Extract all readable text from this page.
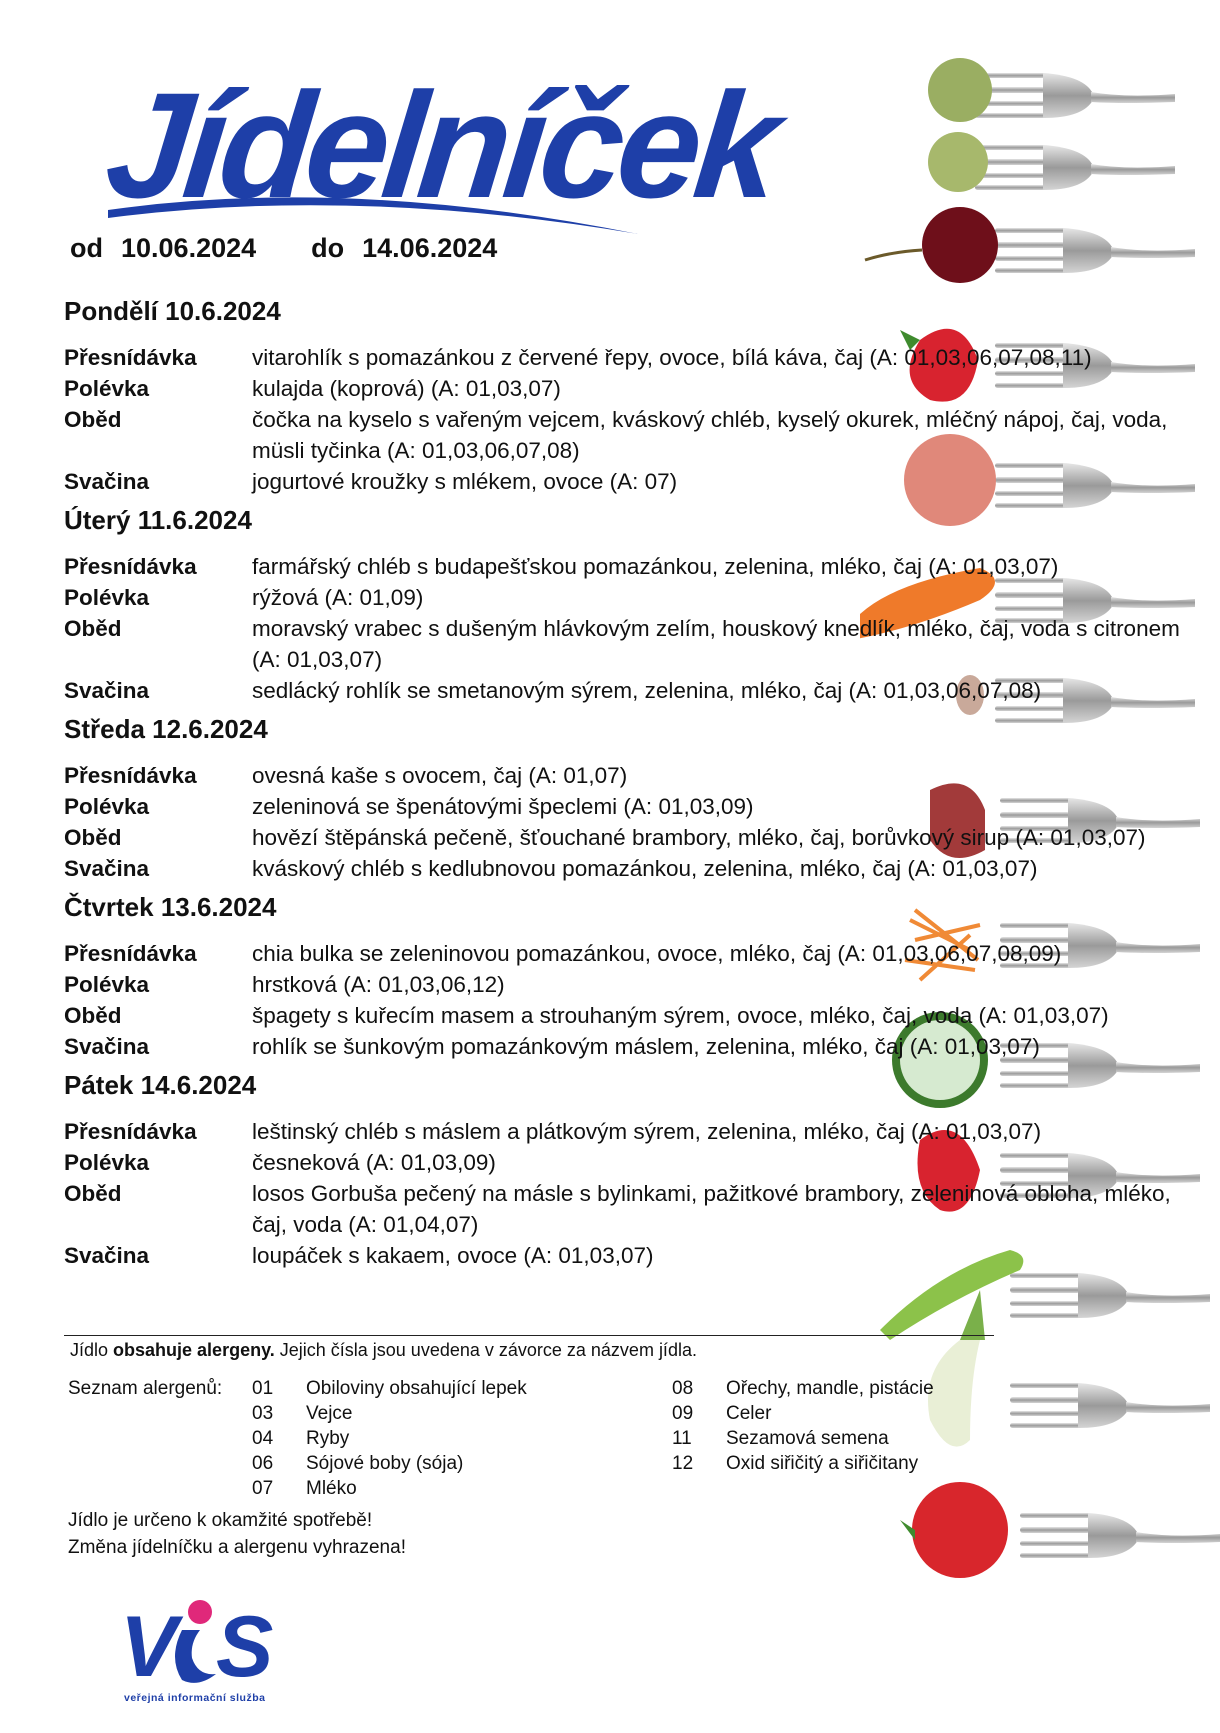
Jídelníček
od 10.06.2024 do 14.06.2024
Pondělí 10.6.2024
Přesnídávka	vitarohlík s pomazánkou z červené řepy, ovoce, bílá káva, čaj (A: 01,03,06,07,08,11)
Polévka	kulajda (koprová) (A: 01,03,07)
Oběd	čočka na kyselo s vařeným vejcem, kváskový chléb, kyselý okurek, mléčný nápoj, čaj, voda, müsli tyčinka (A: 01,03,06,07,08)
Svačina	jogurtové kroužky s mlékem, ovoce (A: 07)
Úterý 11.6.2024
Přesnídávka	farmářský chléb s budapešťskou pomazánkou, zelenina, mléko, čaj (A: 01,03,07)
Polévka	rýžová (A: 01,09)
Oběd	moravský vrabec s dušeným hlávkovým zelím, houskový knedlík, mléko, čaj, voda s citronem (A: 01,03,07)
Svačina	sedlácký rohlík se smetanovým sýrem, zelenina, mléko, čaj (A: 01,03,06,07,08)
Středa 12.6.2024
Přesnídávka	ovesná kaše s ovocem, čaj (A: 01,07)
Polévka	zeleninová se špenátovými špeclemi (A: 01,03,09)
Oběd	hovězí štěpánská pečeně, šťouchané brambory, mléko, čaj, borůvkový sirup (A: 01,03,07)
Svačina	kváskový chléb s kedlubnovou pomazánkou, zelenina, mléko, čaj (A: 01,03,07)
Čtvrtek 13.6.2024
Přesnídávka	chia bulka se zeleninovou pomazánkou, ovoce, mléko, čaj (A: 01,03,06,07,08,09)
Polévka	hrstková (A: 01,03,06,12)
Oběd	špagety s kuřecím masem a strouhaným sýrem, ovoce, mléko, čaj, voda (A: 01,03,07)
Svačina	rohlík se šunkovým pomazánkovým máslem, zelenina, mléko, čaj (A: 01,03,07)
Pátek 14.6.2024
Přesnídávka	leštinský chléb s máslem a plátkovým sýrem, zelenina, mléko, čaj (A: 01,03,07)
Polévka	česneková (A: 01,03,09)
Oběd	losos Gorbuša pečený na másle s bylinkami, pažitkové brambory, zeleninová obloha, mléko, čaj, voda (A: 01,04,07)
Svačina	loupáček s kakaem, ovoce (A: 01,03,07)
Jídlo obsahuje alergeny. Jejich čísla jsou uvedena v závorce za názvem jídla.
Seznam alergenů: 01	Obiloviny obsahující lepek
03	Vejce
04	Ryby
06	Sójové boby (sója)
07	Mléko
08	Ořechy, mandle, pistácie
09	Celer
11	Sezamová semena
12	Oxid siřičitý a siřičitany
Jídlo je určeno k okamžité spotřebě!
Změna jídelníčku a alergenu vyhrazena!
V S
veřejná informační služba
